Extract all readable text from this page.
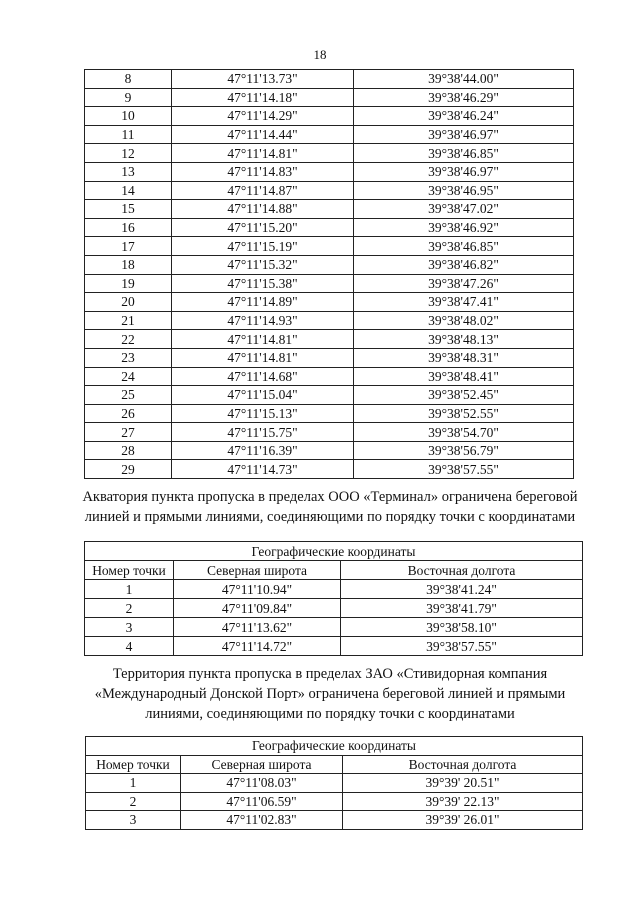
18
8	47°11'13.73"	39°38'44.00"
9	47°11'14.18"	39°38'46.29"
10	47°11'14.29"	39°38'46.24"
11	47°11'14.44"	39°38'46.97"
12	47°11'14.81"	39°38'46.85"
13	47°11'14.83"	39°38'46.97"
14	47°11'14.87"	39°38'46.95"
15	47°11'14.88"	39°38'47.02"
16	47°11'15.20"	39°38'46.92"
17	47°11'15.19"	39°38'46.85"
18	47°11'15.32"	39°38'46.82"
19	47°11'15.38"	39°38'47.26"
20	47°11'14.89"	39°38'47.41"
21	47°11'14.93"	39°38'48.02"
22	47°11'14.81"	39°38'48.13"
23	47°11'14.81"	39°38'48.31"
24	47°11'14.68"	39°38'48.41"
25	47°11'15.04"	39°38'52.45"
26	47°11'15.13"	39°38'52.55"
27	47°11'15.75"	39°38'54.70"
28	47°11'16.39"	39°38'56.79"
29	47°11'14.73"	39°38'57.55"
Акватория пункта пропуска в пределах ООО «Терминал» ограничена береговой
линией и прямыми линиями, соединяющими по порядку точки с координатами
Географические координаты		
Номер точки	Северная широта	Восточная долгота
1	47°11'10.94"	39°38'41.24"
2	47°11'09.84"	39°38'41.79"
3	47°11'13.62"	39°38'58.10"
4	47°11'14.72"	39°38'57.55"
Территория пункта пропуска в пределах ЗАО «Стивидорная компания
«Международный Донской Порт» ограничена береговой линией и прямыми
линиями, соединяющими по порядку точки с координатами
Географические координаты		
Номер точки	Северная широта	Восточная долгота
1	47°11'08.03"	39°39' 20.51"
2	47°11'06.59"	39°39' 22.13"
3	47°11'02.83"	39°39' 26.01"
